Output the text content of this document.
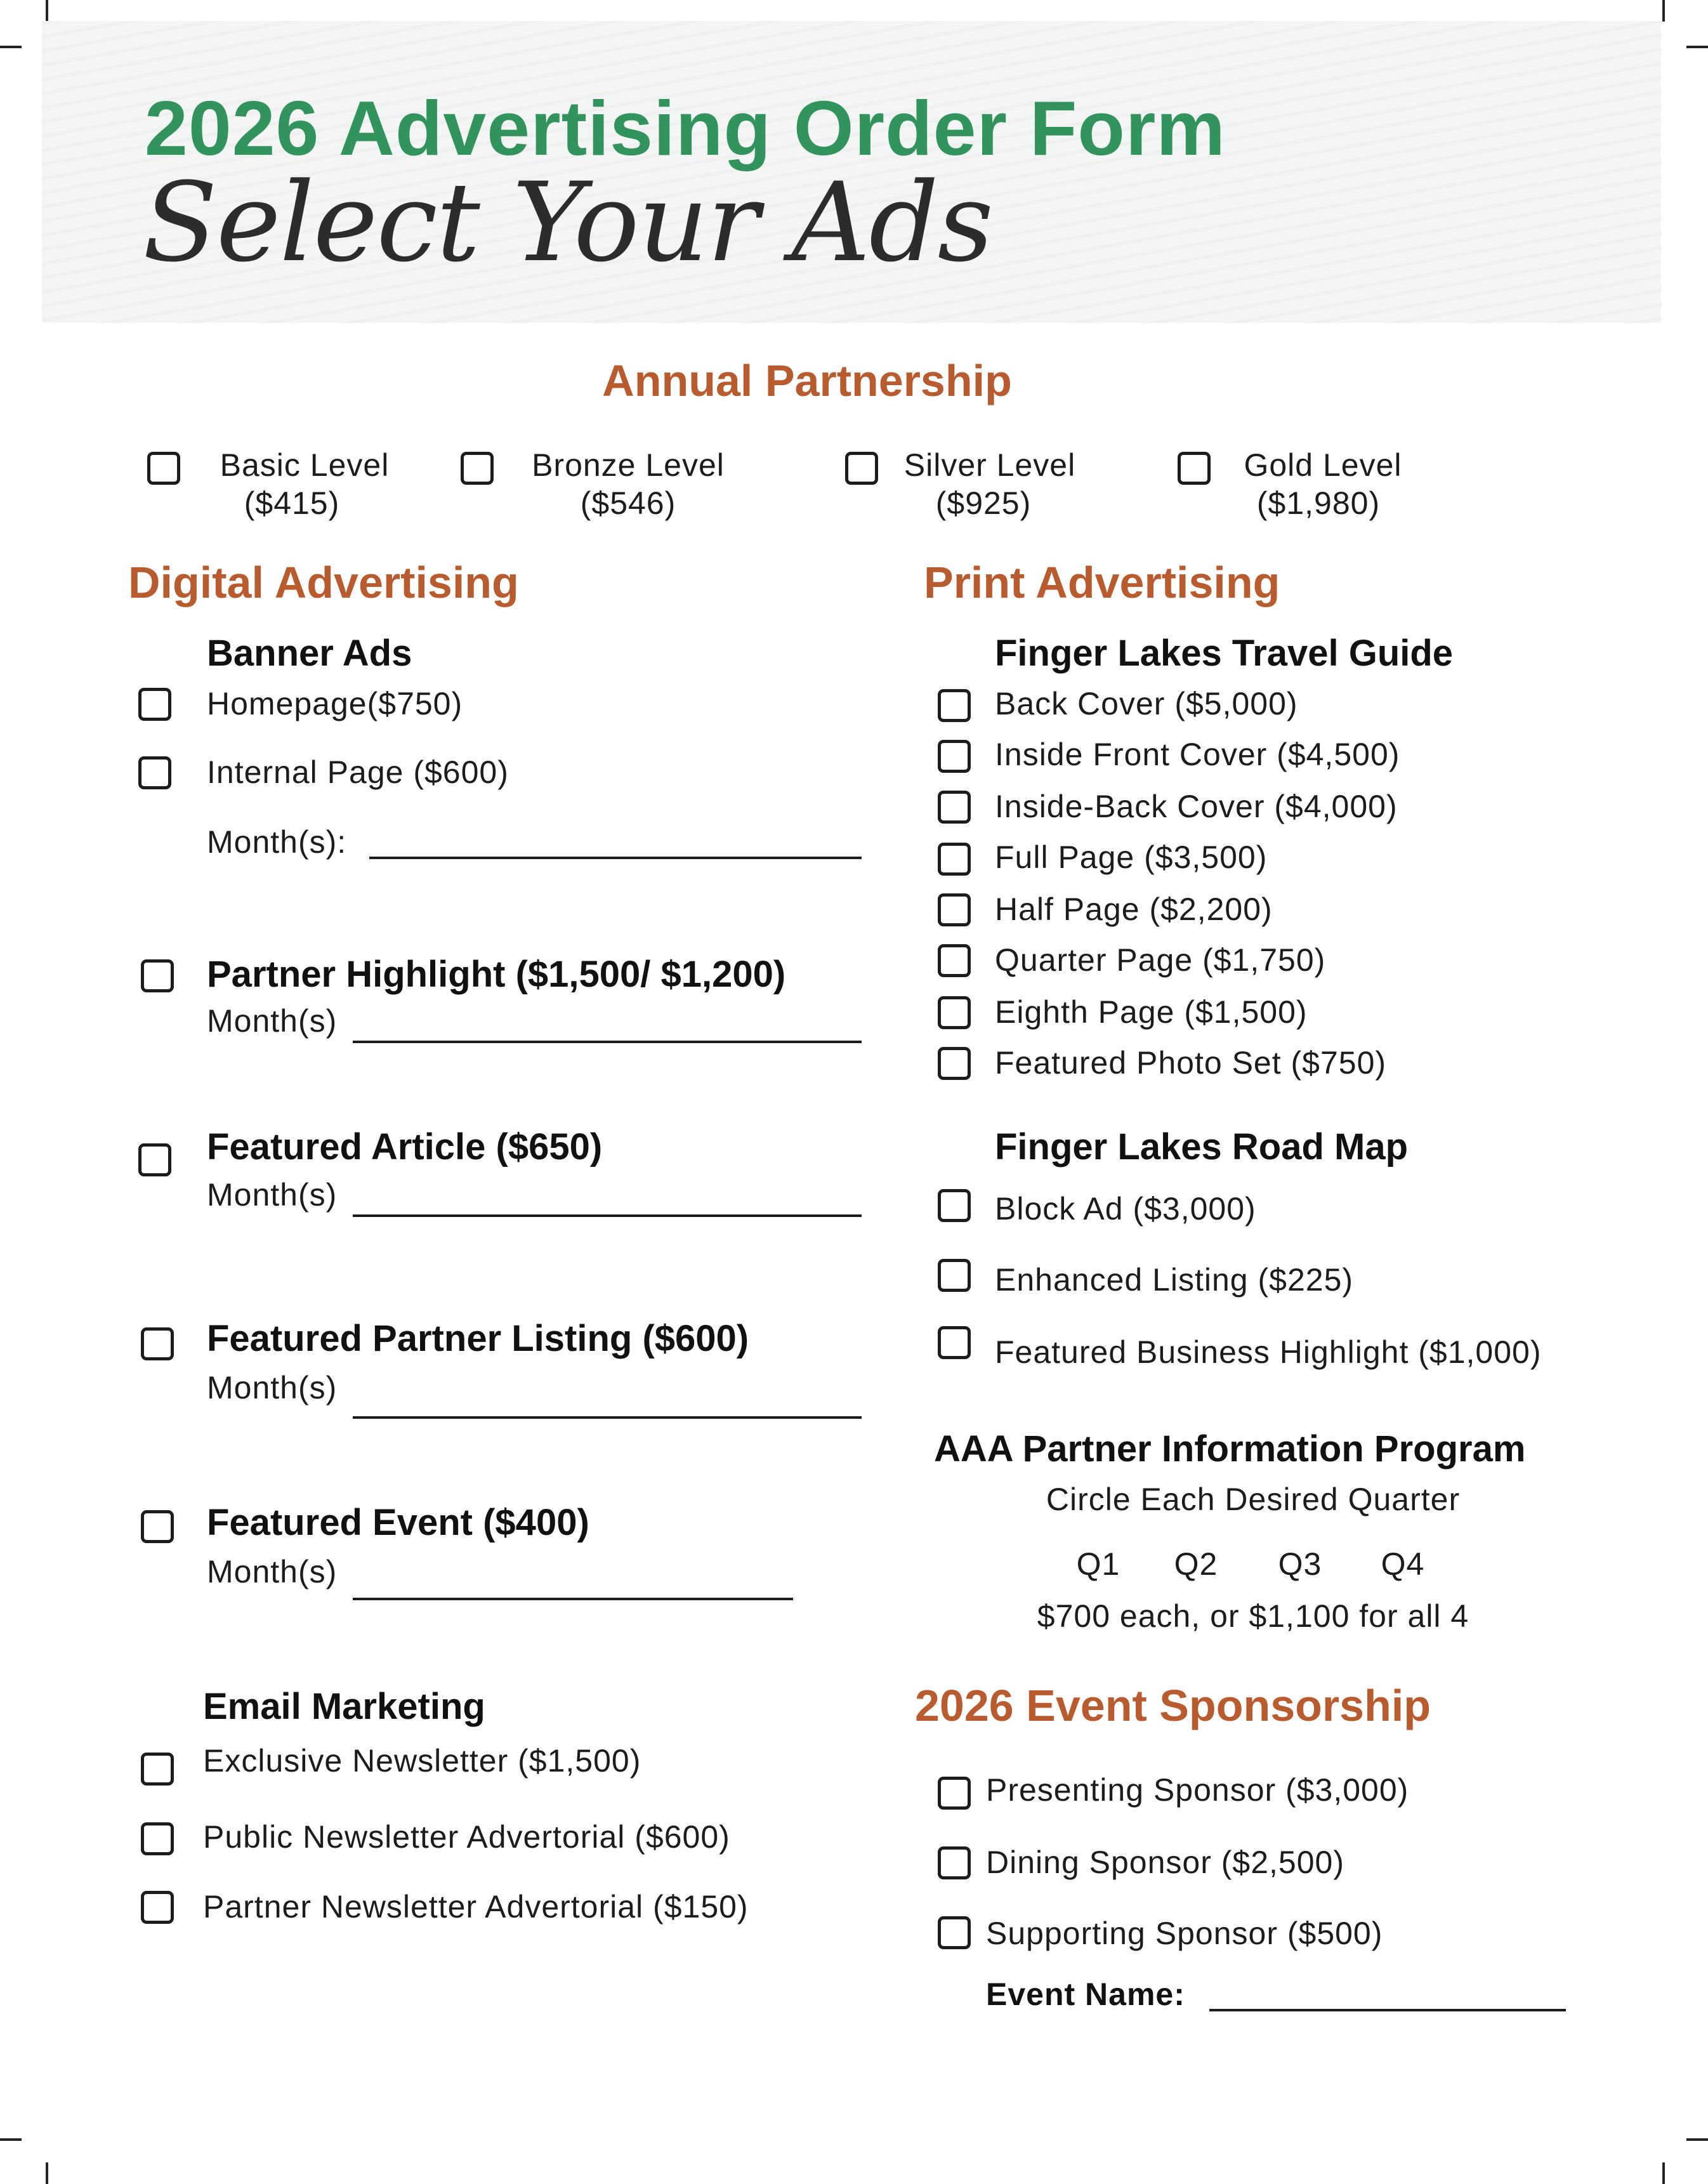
2026 Advertising Order Form
Select Your Ads
Annual Partnership
Basic Level
($415)
Bronze Level
($546)
Silver Level
($925)
Gold Level
($1,980)
Digital Advertising
Banner Ads
Homepage($750)
Internal Page ($600)
Month(s):
Partner Highlight ($1,500/ $1,200)
Month(s)
Featured Article ($650)
Month(s)
Featured Partner Listing ($600)
Month(s)
Featured Event ($400)
Month(s)
Email Marketing
Exclusive Newsletter ($1,500)
Public Newsletter Advertorial ($600)
Partner Newsletter Advertorial ($150)
Print Advertising
Finger Lakes Travel Guide
Back Cover ($5,000)
Inside Front Cover ($4,500)
Inside-Back Cover ($4,000)
Full Page ($3,500)
Half Page ($2,200)
Quarter Page ($1,750)
Eighth Page ($1,500)
Featured Photo Set ($750)
Finger Lakes Road Map
Block Ad ($3,000)
Enhanced Listing ($225)
Featured Business Highlight ($1,000)
AAA Partner Information Program
Circle Each Desired Quarter
Q1 Q2 Q3 Q4
$700 each, or $1,100 for all 4
2026 Event Sponsorship
Presenting Sponsor ($3,000)
Dining Sponsor ($2,500)
Supporting Sponsor ($500)
Event Name:
